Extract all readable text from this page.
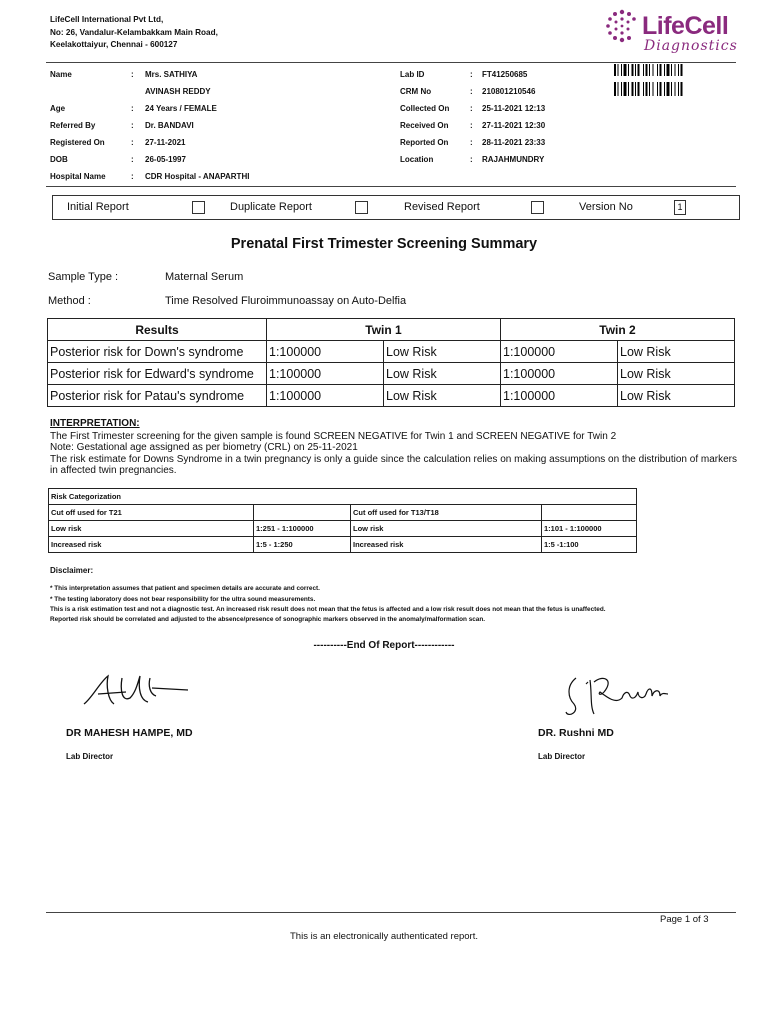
LifeCell International Pvt Ltd,
No: 26, Vandalur-Kelambakkam Main Road,
Keelakottaiyur, Chennai - 600127
LifeCell
Diagnostics
Name	: Mrs. SATHIYA
AVINASH REDDY
Age	: 24 Years / FEMALE
Referred By	: Dr. BANDAVI
Registered On	: 27-11-2021
DOB	: 26-05-1997
Hospital Name	: CDR Hospital - ANAPARTHI
Lab ID	: FT41250685
CRM No	: 210801210546
Collected On	: 25-11-2021 12:13
Received On	: 27-11-2021 12:30
Reported On	: 28-11-2021 23:33
Location	: RAJAHMUNDRY
Initial Report	Duplicate Report	Revised Report	Version No	1
Prenatal First Trimester Screening Summary
Sample Type :	Maternal Serum
Method :	Time Resolved Fluroimmunoassay on Auto-Delfia
Results	Twin 1		Twin 2	
Posterior risk for Down's syndrome	1:100000	Low Risk	1:100000	Low Risk
Posterior risk for Edward's syndrome	1:100000	Low Risk	1:100000	Low Risk
Posterior risk for Patau's syndrome	1:100000	Low Risk	1:100000	Low Risk
INTERPRETATION:

The First Trimester screening for the given sample is found SCREEN NEGATIVE for Twin 1 and SCREEN NEGATIVE for Twin 2

Note: Gestational age assigned as per biometry (CRL) on 25-11-2021

The risk estimate for Downs Syndrome in a twin pregnancy is only a guide since the calculation relies on making assumptions on the distribution of markers in affected twin pregnancies.

Risk Categorization			
Cut off used for T21		Cut off used for T13/T18	
Low risk	1:251 - 1:100000	Low risk	1:101 - 1:100000
Increased risk	1:5 - 1:250	Increased risk	1:5 -1:100
Disclaimer:
* This interpretation assumes that patient and specimen details are accurate and correct.
* The testing laboratory does not bear responsibility for the ultra sound measurements.
This is a risk estimation test and not a diagnostic test. An increased risk result does not mean that the fetus is affected and a low risk result does not mean that the fetus is unaffected.
Reported risk should be correlated and adjusted to the absence/presence of sonographic markers observed in the anomaly/malformation scan.
----------End Of Report------------
DR MAHESH HAMPE, MD
Lab Director
DR. Rushni MD
Lab Director
Page 1 of 3
This is an electronically authenticated report.
